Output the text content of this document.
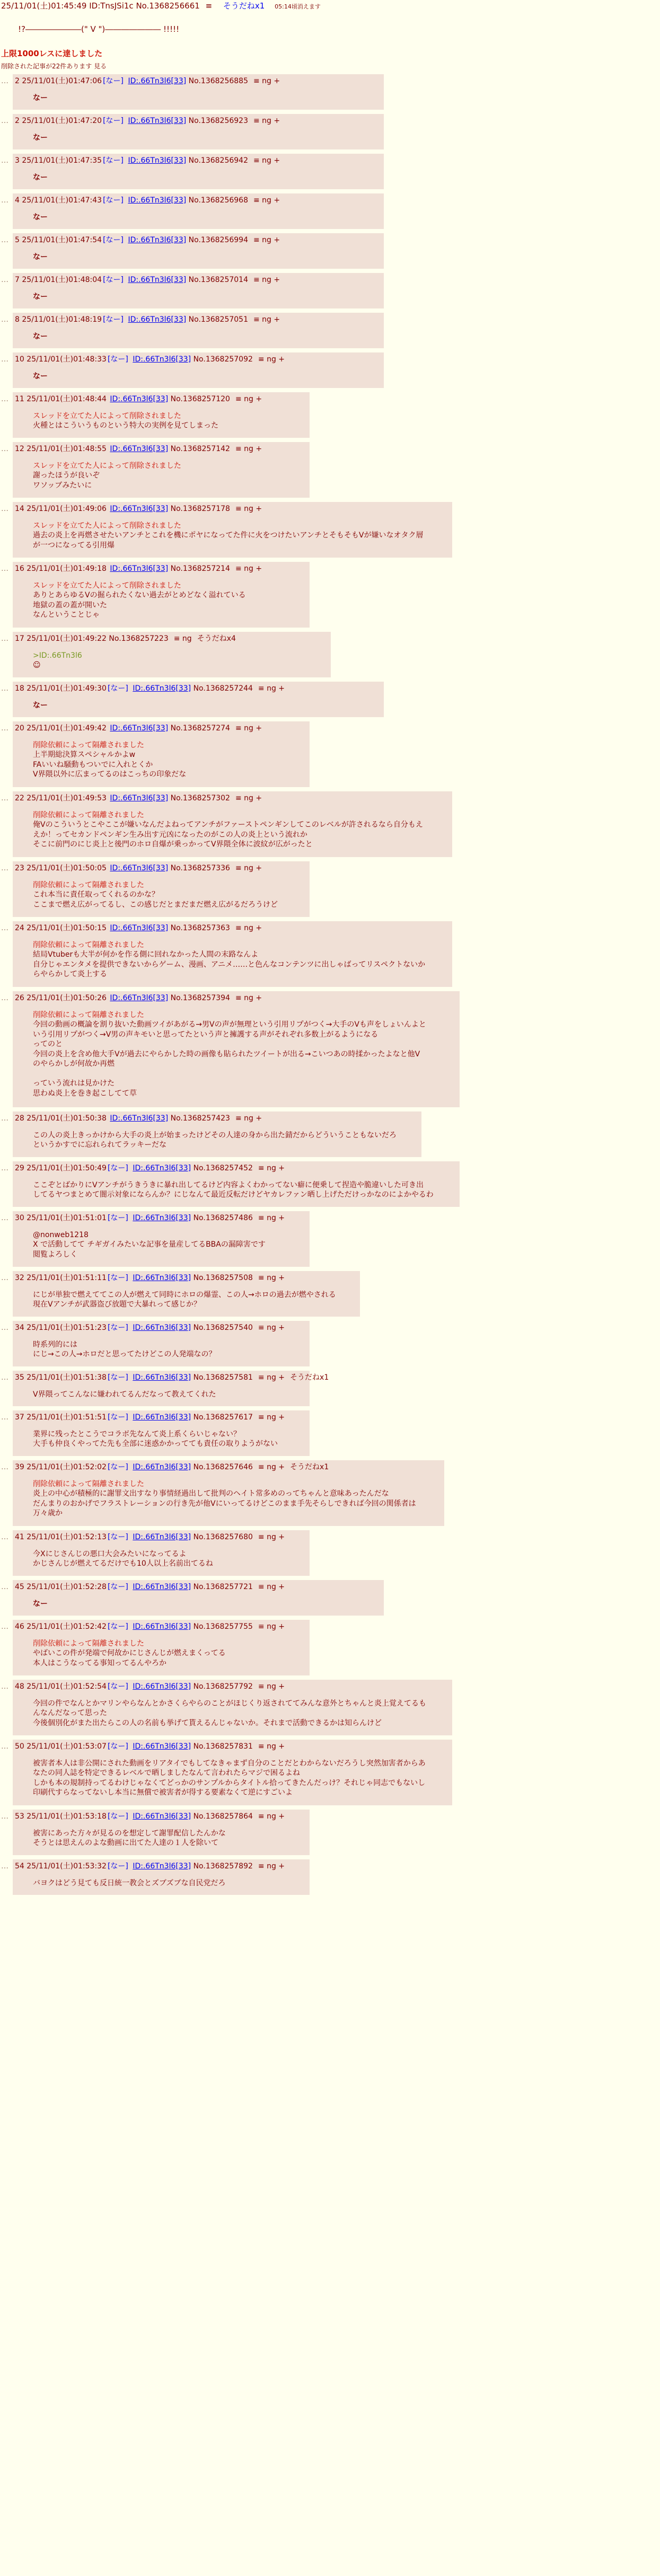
25/11/01(土)01:45:49 ID:TnsJSi1c No.1368256661 ≡ そうだねx1 05:14頃消えます
!?―――――――(" V ")――――――― !!!!!
上限1000レスに達しました
削除された記事が22件あります 見る
… 2 25/11/01(土)01:47:06 [なー] ID:.66Tn3l6[33] No.1368256885 ≡ ng +
なー
… 2 25/11/01(土)01:47:20 [なー] ID:.66Tn3l6[33] No.1368256923 ≡ ng +
なー
… 3 25/11/01(土)01:47:35 [なー] ID:.66Tn3l6[33] No.1368256942 ≡ ng +
なー
… 4 25/11/01(土)01:47:43 [なー] ID:.66Tn3l6[33] No.1368256968 ≡ ng +
なー
… 5 25/11/01(土)01:47:54 [なー] ID:.66Tn3l6[33] No.1368256994 ≡ ng +
なー
… 7 25/11/01(土)01:48:04 [なー] ID:.66Tn3l6[33] No.1368257014 ≡ ng +
なー
… 8 25/11/01(土)01:48:19 [なー] ID:.66Tn3l6[33] No.1368257051 ≡ ng +
なー
… 10 25/11/01(土)01:48:33 [なー] ID:.66Tn3l6[33] No.1368257092 ≡ ng +
なー
… 11 25/11/01(土)01:48:44 ID:.66Tn3l6[33] No.1368257120 ≡ ng +
スレッドを立てた人によって削除されました
火種とはこういうものという特大の実例を見てしまった
… 12 25/11/01(土)01:48:55 ID:.66Tn3l6[33] No.1368257142 ≡ ng +
スレッドを立てた人によって削除されました
謝ったほうが良いぞ
ワソッブみたいに
… 14 25/11/01(土)01:49:06 ID:.66Tn3l6[33] No.1368257178 ≡ ng +
スレッドを立てた人によって削除されました
過去の炎上を再燃させたいアンチとこれを機にポヤになってた件に火をつけたいアンチとそもそもVが嫌いなオタク層
が一つになってる引用爆
… 16 25/11/01(土)01:49:18 ID:.66Tn3l6[33] No.1368257214 ≡ ng +
スレッドを立てた人によって削除されました
ありとあらゆるVの掘られたくない過去がとめどなく溢れている
地獄の蓋の蓋が開いた
なんということじゃ
… 17 25/11/01(土)01:49:22 No.1368257223 ≡ ng そうだねx4
>ID:.66Tn3l6
☺
… 18 25/11/01(土)01:49:30 [なー] ID:.66Tn3l6[33] No.1368257244 ≡ ng +
なー
… 20 25/11/01(土)01:49:42 ID:.66Tn3l6[33] No.1368257274 ≡ ng +
削除依頼によって隔離されました
上半期総決算スペシャルかよw
FAいいね騒動もついでに入れとくか
V界隈以外に広まってるのはこっちの印象だな
… 22 25/11/01(土)01:49:53 ID:.66Tn3l6[33] No.1368257302 ≡ ng +
削除依頼によって隔離されました
俺Vのこういうとこやここが嫌いなんだよねってアンチがファーストペンギンしてこのレベルが許されるなら自分もえ
えか！ってセカンドペンギン生み出す元凶になったのがこの人の炎上という流れか
そこに前門のにじ炎上と後門のホロ自爆が乗っかってV界隈全体に波紋が広がったと
… 23 25/11/01(土)01:50:05 ID:.66Tn3l6[33] No.1368257336 ≡ ng +
削除依頼によって隔離されました
これ本当に責任取ってくれるのかな？
ここまで燃え広がってるし、この感じだとまだまだ燃え広がるだろうけど
… 24 25/11/01(土)01:50:15 ID:.66Tn3l6[33] No.1368257363 ≡ ng +
削除依頼によって隔離されました
結局Vtuberも大半が何かを作る側に回れなかった人間の末路なんよ
自分じゃエンタメを提供できないからゲーム、漫画、アニメ……と色んなコンテンツに出しゃばってリスペクトないか
らやらかして炎上する
… 26 25/11/01(土)01:50:26 ID:.66Tn3l6[33] No.1368257394 ≡ ng +
削除依頼によって隔離されました
今回の動画の概論を割り抜いた動画ツイがあがる→男Vの声が無理という引用リプがつく→大手のVも声をしょいんよと
いう引用リプがつく→V男の声キモいと思ってたという声と擁護する声がそれぞれ多数上がるようになる
ってのと
今回の炎上を含め他大手Vが過去にやらかした時の画像も貼られたツイートが出る→こいつあの時揉かったよなと他V
のやらかしが何故か再燃

っていう流れは見かけた
思わぬ炎上を巻き起こしてて草
… 28 25/11/01(土)01:50:38 ID:.66Tn3l6[33] No.1368257423 ≡ ng +
この人の炎上きっかけから大手の炎上が始まったけどその人達の身から出た錆だからどういうこともないだろ
というかすでに忘れられてラッキーだな
… 29 25/11/01(土)01:50:49 [なー] ID:.66Tn3l6[33] No.1368257452 ≡ ng +
ここぞとばかりにVアンチがうきうきに暴れ出してるけど内容よくわかってない癖に便乗して捏造や脆違いした可き出
してるヤつまとめて闇示対象にならんか？にじなんて最近反転だけどヤカレファン晒し上げただけっかなのによかやるわ
… 30 25/11/01(土)01:51:01 [なー] ID:.66Tn3l6[33] No.1368257486 ≡ ng +
@nonweb1218
X で活動してて チギガイみたいな記事を量産してるBBAの漏障害です
閲覧よろしく
… 32 25/11/01(土)01:51:11 [なー] ID:.66Tn3l6[33] No.1368257508 ≡ ng +
にじが単独で燃えててこの人が燃えて同時にホロの爆霊、この人→ホロの過去が燃やされる
現在Vアンチが武器盗び放題で大暴れって感じか？
… 34 25/11/01(土)01:51:23 [なー] ID:.66Tn3l6[33] No.1368257540 ≡ ng +
時系列的には
にじ→この人→ホロだと思ってたけどこの人発端なの？
… 35 25/11/01(土)01:51:38 [なー] ID:.66Tn3l6[33] No.1368257581 ≡ ng + そうだねx1
V界隈ってこんなに嫌われてるんだなって教えてくれた
… 37 25/11/01(土)01:51:51 [なー] ID:.66Tn3l6[33] No.1368257617 ≡ ng +
業界に残ったとこうでコラボ先なんて炎上系くらいじゃない？
大手も仲良くやってた先も全部に迷惑かかってても責任の取りようがない
… 39 25/11/01(土)01:52:02 [なー] ID:.66Tn3l6[33] No.1368257646 ≡ ng + そうだねx1
削除依頼によって隔離されました
炎上の中心が積極的に謝罪文出すなり事情経過出して批判のヘイト常多めのってちゃんと意味あったんだな
だんまりのおかげでフラストレーションの行き先が他Vにいってるけどこのまま手先そらしできれば今回の関係者は
万々歳か
… 41 25/11/01(土)01:52:13 [なー] ID:.66Tn3l6[33] No.1368257680 ≡ ng +
今Xにじさんじの悪口大会みたいになってるよ
かじさんじが燃えてるだけでも10人以上名前出てるね
… 45 25/11/01(土)01:52:28 [なー] ID:.66Tn3l6[33] No.1368257721 ≡ ng +
なー
… 46 25/11/01(土)01:52:42 [なー] ID:.66Tn3l6[33] No.1368257755 ≡ ng +
削除依頼によって隔離されました
やばいこの件が発端で何故かにじさんじが燃えまくってる
本人はこうなってる事知ってるんやろか
… 48 25/11/01(土)01:52:54 [なー] ID:.66Tn3l6[33] No.1368257792 ≡ ng +
今回の件でなんとかマリンやらなんとかさくらやらのことがほじくり返されててみんな意外とちゃんと炎上覚えてるも
んなんだなって思った
今後個別化がまた出たらこの人の名前も挙げて貰えるんじゃないか。それまで活動できるかは知らんけど
… 50 25/11/01(土)01:53:07 [なー] ID:.66Tn3l6[33] No.1368257831 ≡ ng +
被害者本人は非公開にされた動画をリアタイでもしてなきゃまず自分のことだとわからないだろうし突然加害者からあ
なたの同人誌を特定できるレベルで晒しましたなんて言われたらマジで困るよね
しかも本の規制持ってるわけじゃなくてどっかのサンプルからタイトル拾ってきたんだっけ？それじゃ同志でもないし
印刷代すらなってないし本当に無償で被害者が得する要素なくて逆にすごいよ
… 53 25/11/01(土)01:53:18 [なー] ID:.66Tn3l6[33] No.1368257864 ≡ ng +
被害にあった方々が見るのを想定して謝罪配信したんかな
そうとは思えんのよな動画に出てた人達の１人を除いて
… 54 25/11/01(土)01:53:32 [なー] ID:.66Tn3l6[33] No.1368257892 ≡ ng +
バヨクはどう見ても反日統一教会とズブズブな自民党だろ
